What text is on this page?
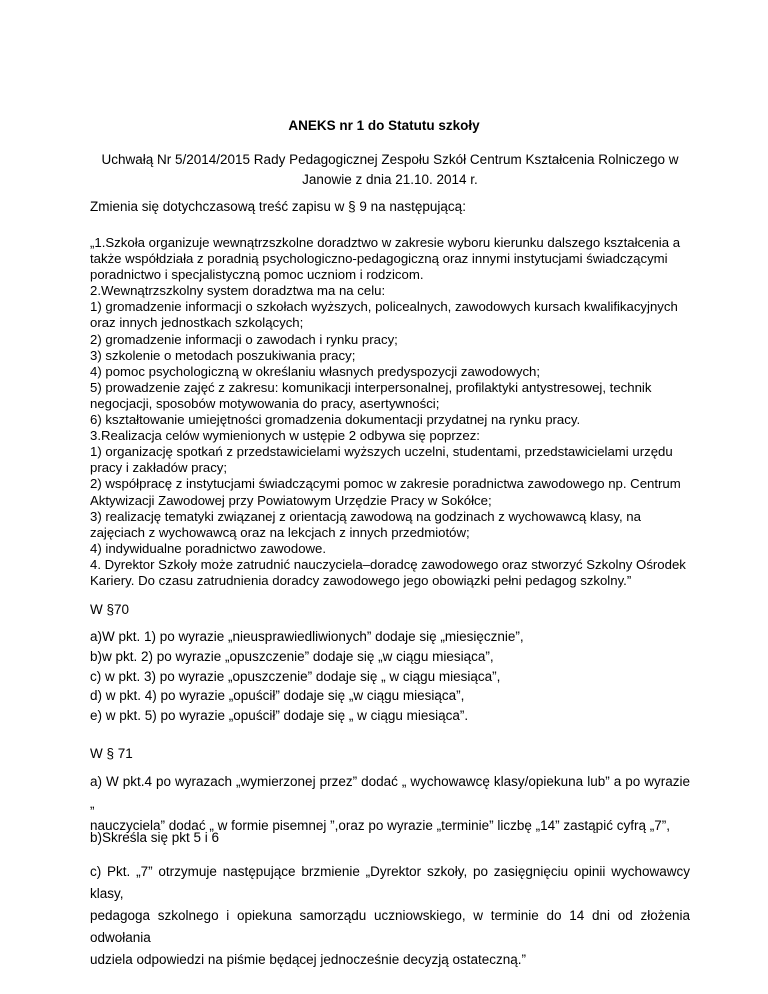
ANEKS nr 1 do Statutu szkoły
Uchwałą Nr 5/2014/2015 Rady Pedagogicznej Zespołu Szkół Centrum Kształcenia Rolniczego w
Janowie z dnia 21.10. 2014 r.
Zmienia się dotychczasową treść zapisu w § 9 na następującą:
„1.Szkoła organizuje wewnątrzszkolne doradztwo w zakresie wyboru kierunku dalszego kształcenia a
także współdziała z poradnią psychologiczno-pedagogiczną oraz innymi instytucjami świadczącymi
poradnictwo i specjalistyczną pomoc uczniom i rodzicom.
2.Wewnątrzszkolny system doradztwa ma na celu:
1) gromadzenie informacji o szkołach wyższych, policealnych, zawodowych kursach kwalifikacyjnych
oraz innych jednostkach szkolących;
2) gromadzenie informacji o zawodach i rynku pracy;
3) szkolenie o metodach poszukiwania pracy;
4) pomoc psychologiczną w określaniu własnych predyspozycji zawodowych;
5) prowadzenie zajęć z zakresu: komunikacji interpersonalnej, profilaktyki antystresowej, technik
negocjacji, sposobów motywowania do pracy, asertywności;
6) kształtowanie umiejętności gromadzenia dokumentacji przydatnej na rynku pracy.
3.Realizacja celów wymienionych w ustępie 2 odbywa się poprzez:
1) organizację spotkań z przedstawicielami wyższych uczelni, studentami, przedstawicielami urzędu
pracy i zakładów pracy;
2) współpracę z instytucjami świadczącymi pomoc w zakresie poradnictwa zawodowego np. Centrum
Aktywizacji Zawodowej przy Powiatowym Urzędzie Pracy w Sokółce;
3) realizację tematyki związanej z orientacją zawodową na godzinach z wychowawcą klasy, na
zajęciach z wychowawcą oraz na lekcjach z innych przedmiotów;
4) indywidualne poradnictwo zawodowe.
4. Dyrektor Szkoły może zatrudnić nauczyciela–doradcę zawodowego oraz stworzyć Szkolny Ośrodek
Kariery. Do czasu zatrudnienia doradcy zawodowego jego obowiązki pełni pedagog szkolny.”
W §70
a)W pkt. 1) po wyrazie „nieusprawiedliwionych” dodaje się „miesięcznie”,
b)w pkt. 2) po wyrazie „opuszczenie” dodaje się „w ciągu miesiąca”,
c) w pkt. 3) po wyrazie „opuszczenie” dodaje się „ w ciągu miesiąca”,
d) w pkt. 4) po wyrazie „opuścił” dodaje się „w ciągu miesiąca”,
e) w pkt. 5) po wyrazie „opuścił” dodaje się „ w ciągu miesiąca”.
W § 71
a) W pkt.4 po wyrazach „wymierzonej przez” dodać „ wychowawcę klasy/opiekuna lub” a po wyrazie „
nauczyciela” dodać „ w formie pisemnej ”,oraz po wyrazie „terminie” liczbę „14” zastąpić cyfrą „7”,
b)Skreśla się pkt 5 i 6
c) Pkt. „7” otrzymuje następujące brzmienie „Dyrektor szkoły, po zasięgnięciu opinii wychowawcy klasy,
pedagoga szkolnego i opiekuna samorządu uczniowskiego, w terminie do 14 dni od złożenia odwołania
udziela odpowiedzi na piśmie będącej jednocześnie decyzją ostateczną.”
